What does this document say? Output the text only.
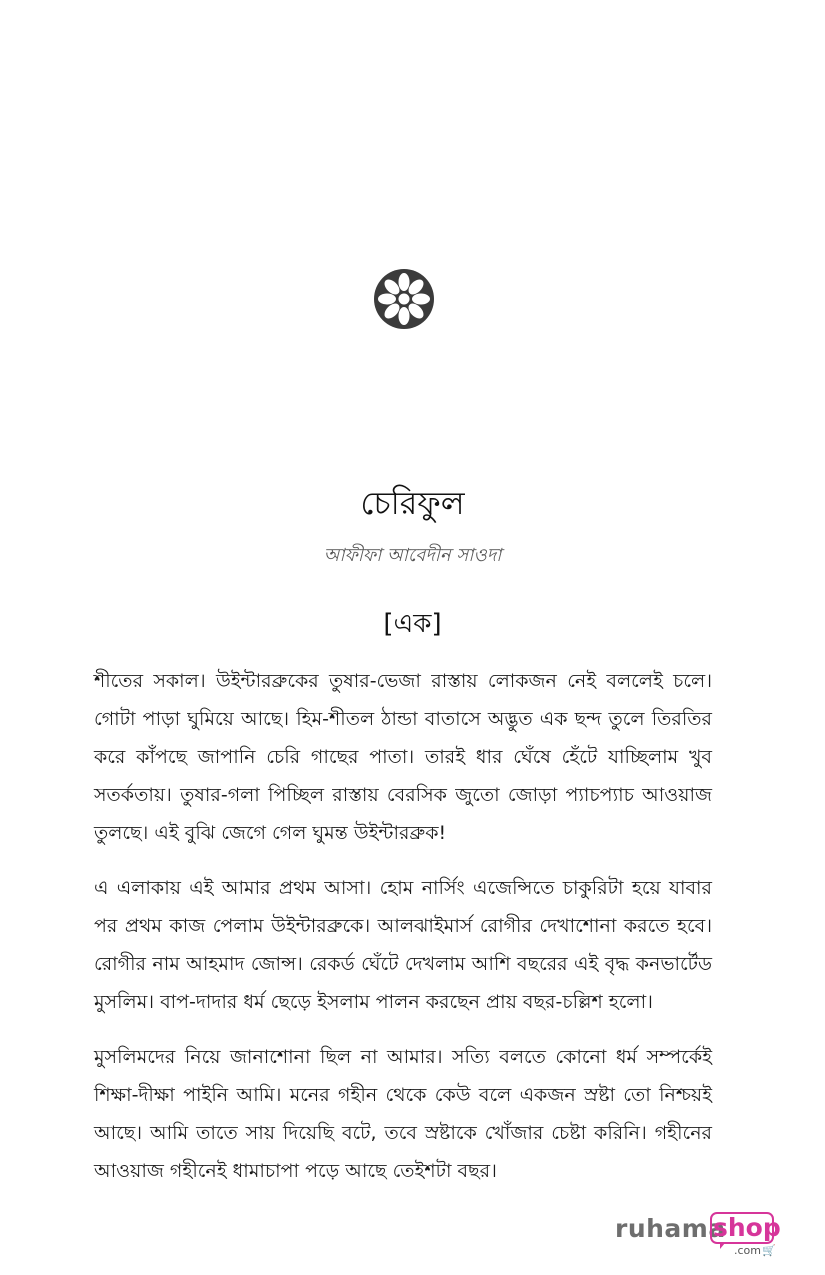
চেরিফুল
আফীফা আবেদীন সাওদা
[এক]

শীতের সকাল। উইন্টারব্রুকের তুষার-ভেজা রাস্তায় লোকজন নেই বললেই চলে। গোটা পাড়া ঘুমিয়ে আছে। হিম-শীতল ঠান্ডা বাতাসে অদ্ভুত এক ছন্দ তুলে তিরতির করে কাঁপছে জাপানি চেরি গাছের পাতা। তারই ধার ঘেঁষে হেঁটে যাচ্ছিলাম খুব সতর্কতায়। তুষার-গলা পিচ্ছিল রাস্তায় বেরসিক জুতো জোড়া প্যাচপ্যাচ আওয়াজ তুলছে। এই বুঝি জেগে গেল ঘুমন্ত উইন্টারব্রুক!

এ এলাকায় এই আমার প্রথম আসা। হোম নার্সিং এজেন্সিতে চাকুরিটা হয়ে যাবার পর প্রথম কাজ পেলাম উইন্টারব্রুকে। আলঝাইমার্স রোগীর দেখাশোনা করতে হবে। রোগীর নাম আহমাদ জোন্স। রেকর্ড ঘেঁটে দেখলাম আশি বছরের এই বৃদ্ধ কনভার্টেড মুসলিম। বাপ-দাদার ধর্ম ছেড়ে ইসলাম পালন করছেন প্রায় বছর-চল্লিশ হলো।

মুসলিমদের নিয়ে জানাশোনা ছিল না আমার। সত্যি বলতে কোনো ধর্ম সম্পর্কেই শিক্ষা-দীক্ষা পাইনি আমি। মনের গহীন থেকে কেউ বলে একজন স্রষ্টা তো নিশ্চয়ই আছে। আমি তাতে সায় দিয়েছি বটে, তবে স্রষ্টাকে খোঁজার চেষ্টা করিনি। গহীনের আওয়াজ গহীনেই ধামাচাপা পড়ে আছে তেইশটা বছর।

ruhama
shop
.com 🛒
